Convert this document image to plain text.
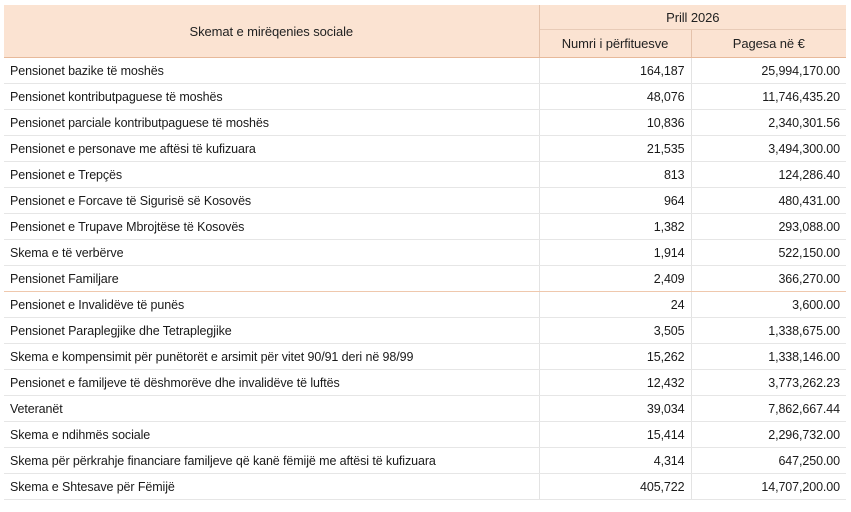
Skemat e mirëqenies sociale	Prill 2026	
	Numri i përfituesve	Pagesa në €
Pensionet bazike të moshës	164,187	25,994,170.00
Pensionet kontributpaguese të moshës	48,076	11,746,435.20
Pensionet parciale kontributpaguese të moshës	10,836	2,340,301.56
Pensionet e personave me aftësi të kufizuara	21,535	3,494,300.00
Pensionet e Trepçës	813	124,286.40
Pensionet e Forcave të Sigurisë së Kosovës	964	480,431.00
Pensionet e Trupave Mbrojtëse të Kosovës	1,382	293,088.00
Skema e të verbërve	1,914	522,150.00
Pensionet Familjare	2,409	366,270.00
Pensionet e Invalidëve të punës	24	3,600.00
Pensionet Paraplegjike dhe Tetraplegjike	3,505	1,338,675.00
Skema e kompensimit për punëtorët e arsimit për vitet 90/91 deri në 98/99	15,262	1,338,146.00
Pensionet e familjeve të dëshmorëve dhe invalidëve të luftës	12,432	3,773,262.23
Veteranët	39,034	7,862,667.44
Skema e ndihmës sociale	15,414	2,296,732.00
Skema për përkrahje financiare familjeve që kanë fëmijë me aftësi të kufizuara	4,314	647,250.00
Skema e Shtesave për Fëmijë	405,722	14,707,200.00
